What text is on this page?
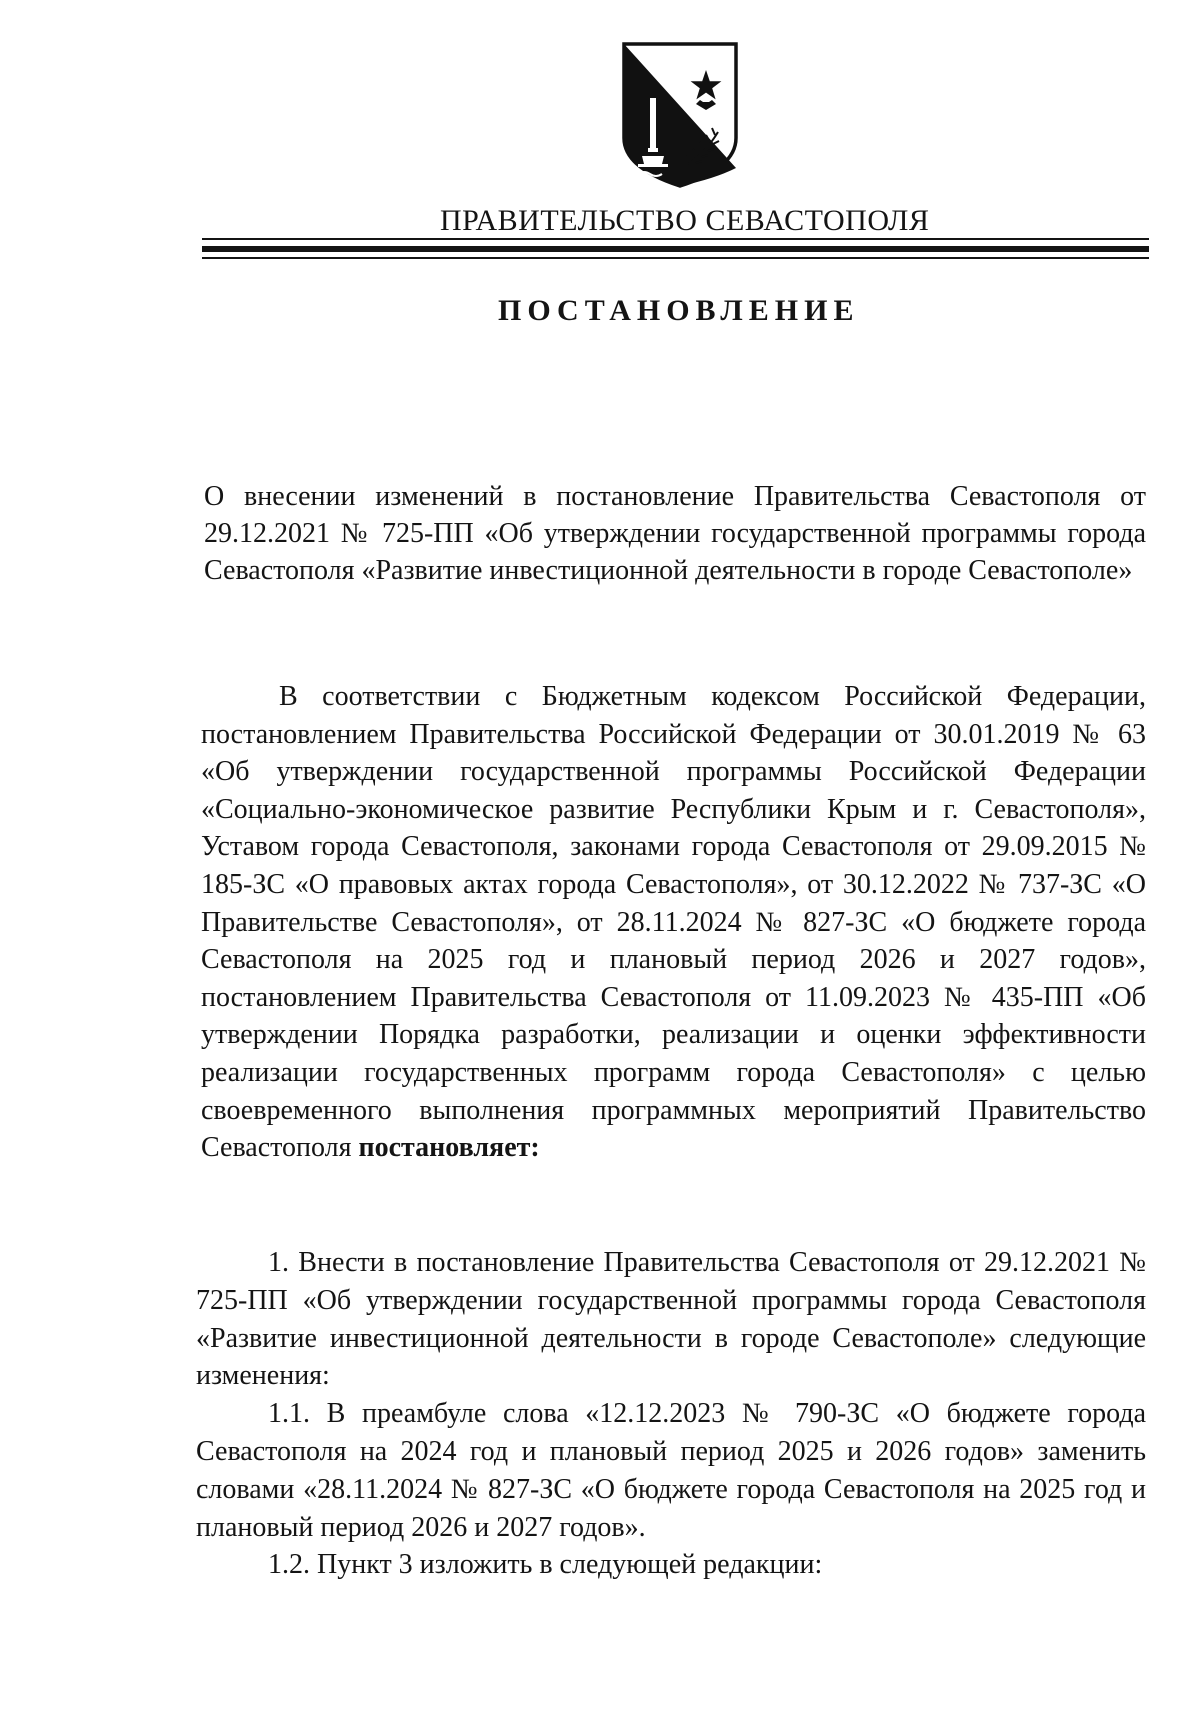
ПРАВИТЕЛЬСТВО СЕВАСТОПОЛЯ
ПОСТАНОВЛЕНИЕ
О внесении изменений в постановление Правительства Севастополя от 29.12.2021 № 725-ПП «Об утверждении государственной программы города Севастополя «Развитие инвестиционной деятельности в городе Севастополе»
В соответствии с Бюджетным кодексом Российской Федерации, постановлением Правительства Российской Федерации от 30.01.2019 № 63 «Об утверждении государственной программы Российской Федерации «Социально-экономическое развитие Республики Крым и г. Севастополя», Уставом города Севастополя, законами города Севастополя от 29.09.2015 № 185-ЗС «О правовых актах города Севастополя», от 30.12.2022 № 737-ЗС «О Правительстве Севастополя», от 28.11.2024 № 827-ЗС «О бюджете города Севастополя на 2025 год и плановый период 2026 и 2027 годов», постановлением Правительства Севастополя от 11.09.2023 № 435-ПП «Об утверждении Порядка разработки, реализации и оценки эффективности реализации государственных программ города Севастополя» с целью своевременного выполнения программных мероприятий Правительство Севастополя постановляет:

1. Внести в постановление Правительства Севастополя от 29.12.2021 № 725-ПП «Об утверждении государственной программы города Севастополя «Развитие инвестиционной деятельности в городе Севастополе» следующие изменения:

1.1. В преамбуле слова «12.12.2023 № 790-ЗС «О бюджете города Севастополя на 2024 год и плановый период 2025 и 2026 годов» заменить словами «28.11.2024 № 827-ЗС «О бюджете города Севастополя на 2025 год и плановый период 2026 и 2027 годов».

1.2. Пункт 3 изложить в следующей редакции:
